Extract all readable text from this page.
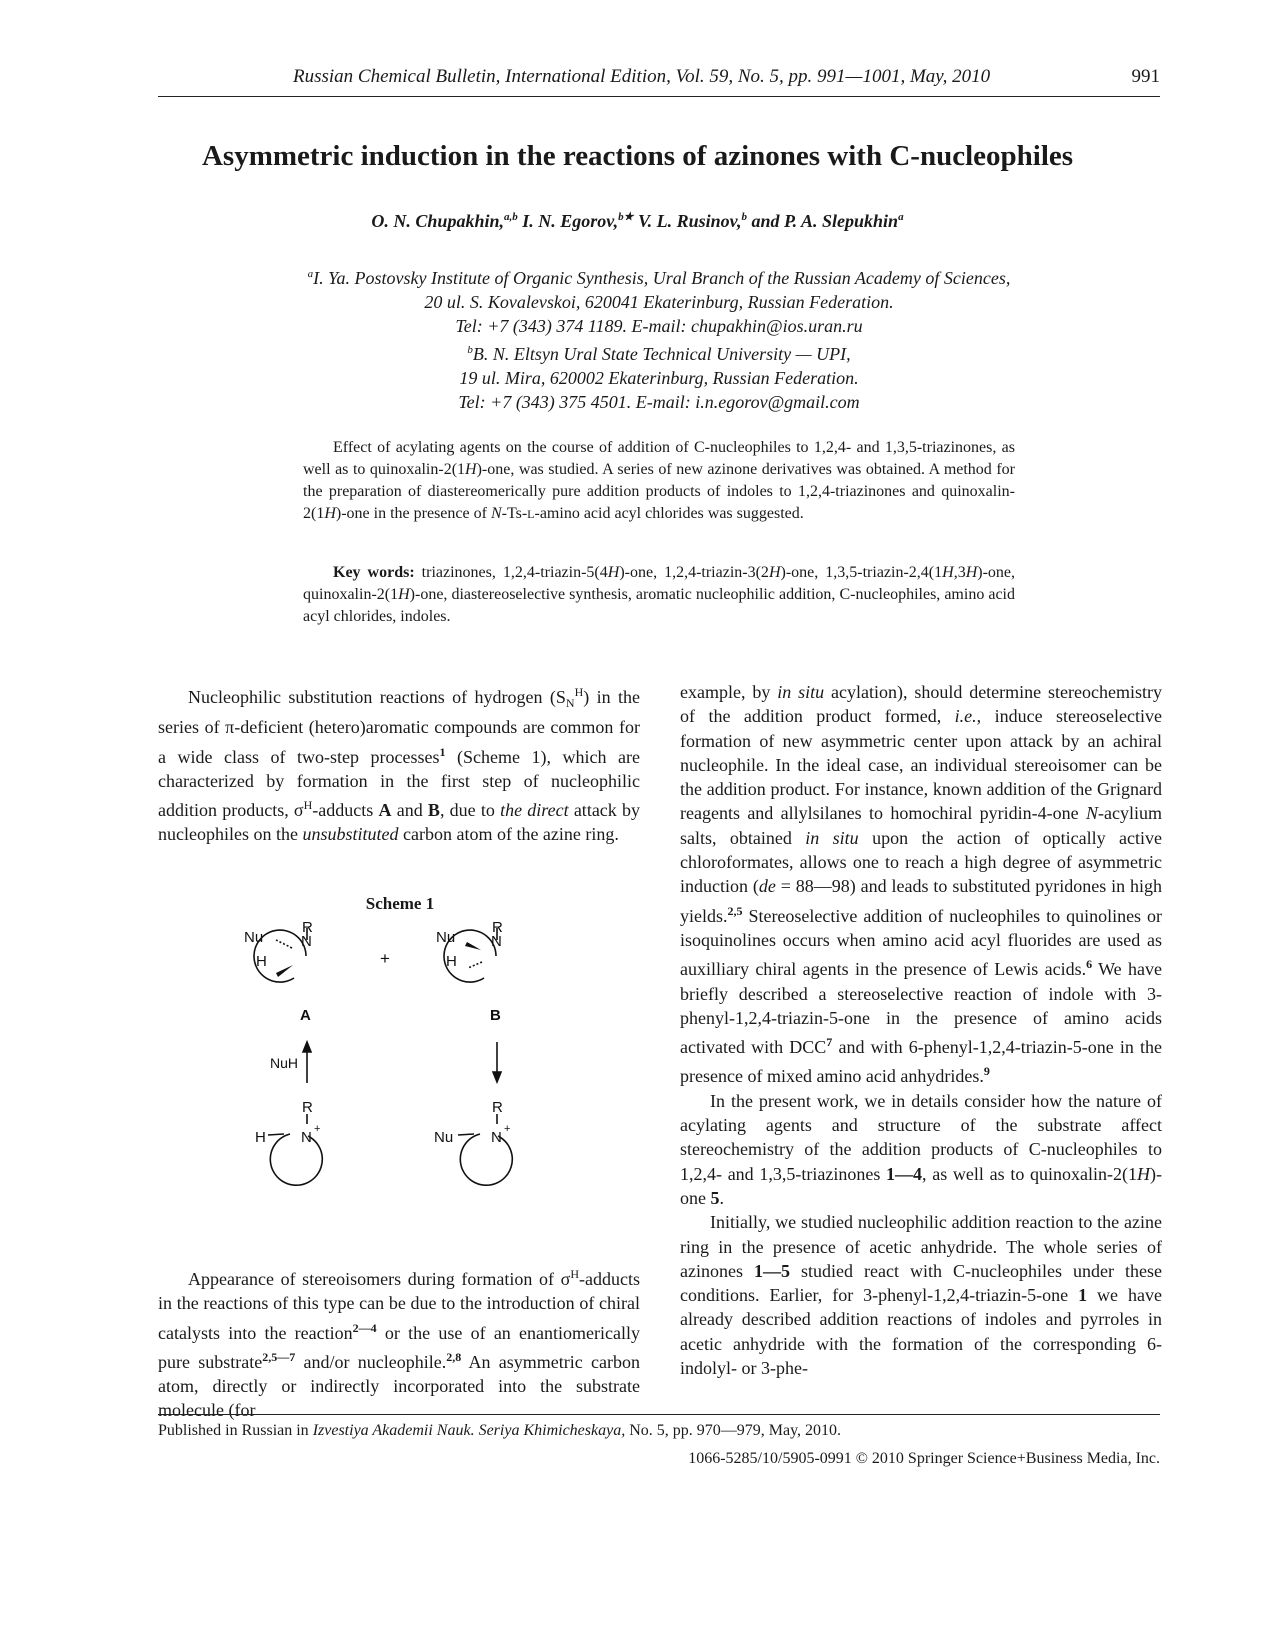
Russian Chemical Bulletin, International Edition, Vol. 59, No. 5, pp. 991—1001, May, 2010	991
Asymmetric induction in the reactions of azinones with C-nucleophiles
O. N. Chupakhin,$^{a,b}$ I. N. Egorov,$^{b★}$ V. L. Rusinov,$^b$ and P. A. Slepukhin$^a$
$^a$I. Ya. Postovsky Institute of Organic Synthesis, Ural Branch of the Russian Academy of Sciences,
20 ul. S. Kovalevskoi, 620041 Ekaterinburg, Russian Federation.
Tel: +7 (343) 374 1189. E-mail: chupakhin@ios.uran.ru
$^b$B. N. Eltsyn Ural State Technical University — UPI,
19 ul. Mira, 620002 Ekaterinburg, Russian Federation.
Tel: +7 (343) 375 4501. E-mail: i.n.egorov@gmail.com
Effect of acylating agents on the course of addition of C-nucleophiles to 1,2,4- and 1,3,5-triazinones, as well as to quinoxalin-2(1H)-one, was studied. A series of new azinone derivatives was obtained. A method for the preparation of diastereomerically pure addition products of indoles to 1,2,4-triazinones and quinoxalin-2(1H)-one in the presence of N-Ts-L-amino acid acyl chlorides was suggested.
Key words: triazinones, 1,2,4-triazin-5(4H)-one, 1,2,4-triazin-3(2H)-one, 1,3,5-triazin-2,4(1H,3H)-one, quinoxalin-2(1H)-one, diastereoselective synthesis, aromatic nucleophilic addition, C-nucleophiles, amino acid acyl chlorides, indoles.

Nucleophilic substitution reactions of hydrogen $(S_N^H)$ in the series of π-deficient (hetero)aromatic compounds are common for a wide class of two-step processes$^1$ (Scheme 1), which are characterized by formation in the first step of nucleophilic addition products, $\sigma^H$-adducts A and B, due to the direct attack by nucleophiles on the unsubstituted carbon atom of the azine ring.

Scheme 1
R
N
Nu
H	+
R
N
Nu
H
A	B
NuH
R
N +
H
R
N +
Nu

Appearance of stereoisomers during formation of $\sigma^H$-adducts in the reactions of this type can be due to the introduction of chiral catalysts into the reaction$^{2—4}$ or the use of an enantiomerically pure substrate$^{2,5—7}$ and/or nucleophile.$^{2,8}$ An asymmetric carbon atom, directly or indirectly incorporated into the substrate molecule (for

example, by in situ acylation), should determine stereochemistry of the addition product formed, i.e., induce stereoselective formation of new asymmetric center upon attack by an achiral nucleophile. In the ideal case, an individual stereoisomer can be the addition product. For instance, known addition of the Grignard reagents and allylsilanes to homochiral pyridin-4-one N-acylium salts, obtained in situ upon the action of optically active chloroformates, allows one to reach a high degree of asymmetric induction (de = 88—98) and leads to substituted pyridones in high yields.$^{2,5}$ Stereoselective addition of nucleophiles to quinolines or isoquinolines occurs when amino acid acyl fluorides are used as auxilliary chiral agents in the presence of Lewis acids.$^6$ We have briefly described a stereoselective reaction of indole with 3-phenyl-1,2,4-triazin-5-one in the presence of amino acids activated with DCC$^7$ and with 6-phenyl-1,2,4-triazin-5-one in the presence of mixed amino acid anhydrides.$^9$

In the present work, we in details consider how the nature of acylating agents and structure of the substrate affect stereochemistry of the addition products of C-nucleophiles to 1,2,4- and 1,3,5-triazinones 1—4, as well as to quinoxalin-2(1H)-one 5.

Initially, we studied nucleophilic addition reaction to the azine ring in the presence of acetic anhydride. The whole series of azinones 1—5 studied react with C-nucleophiles under these conditions. Earlier, for 3-phenyl-1,2,4-triazin-5-one 1 we have already described addition reactions of indoles and pyrroles in acetic anhydride with the formation of the corresponding 6-indolyl- or 3-phe-

Published in Russian in Izvestiya Akademii Nauk. Seriya Khimicheskaya, No. 5, pp. 970—979, May, 2010.
1066-5285/10/5905-0991 © 2010 Springer Science+Business Media, Inc.
